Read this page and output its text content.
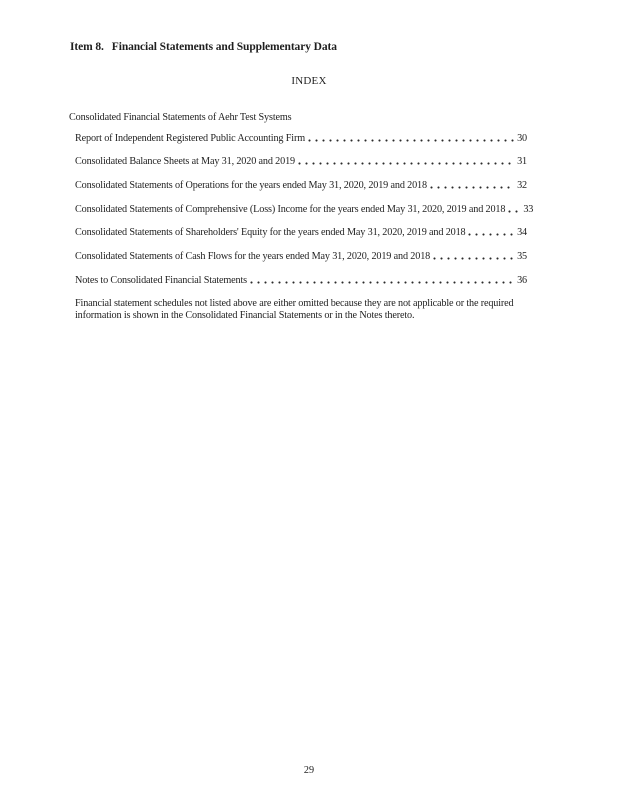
Item 8. Financial Statements and Supplementary Data
INDEX
Consolidated Financial Statements of Aehr Test Systems
Report of Independent Registered Public Accounting Firm	30
Consolidated Balance Sheets at May 31, 2020 and 2019	31
Consolidated Statements of Operations for the years ended May 31, 2020, 2019 and 2018	32
Consolidated Statements of Comprehensive (Loss) Income for the years ended May 31, 2020, 2019 and 2018 33
Consolidated Statements of Shareholders' Equity for the years ended May 31, 2020, 2019 and 2018	34
Consolidated Statements of Cash Flows for the years ended May 31, 2020, 2019 and 2018	35
Notes to Consolidated Financial Statements	36
Financial statement schedules not listed above are either omitted because they are not applicable or the required
information is shown in the Consolidated Financial Statements or in the Notes thereto.
29
